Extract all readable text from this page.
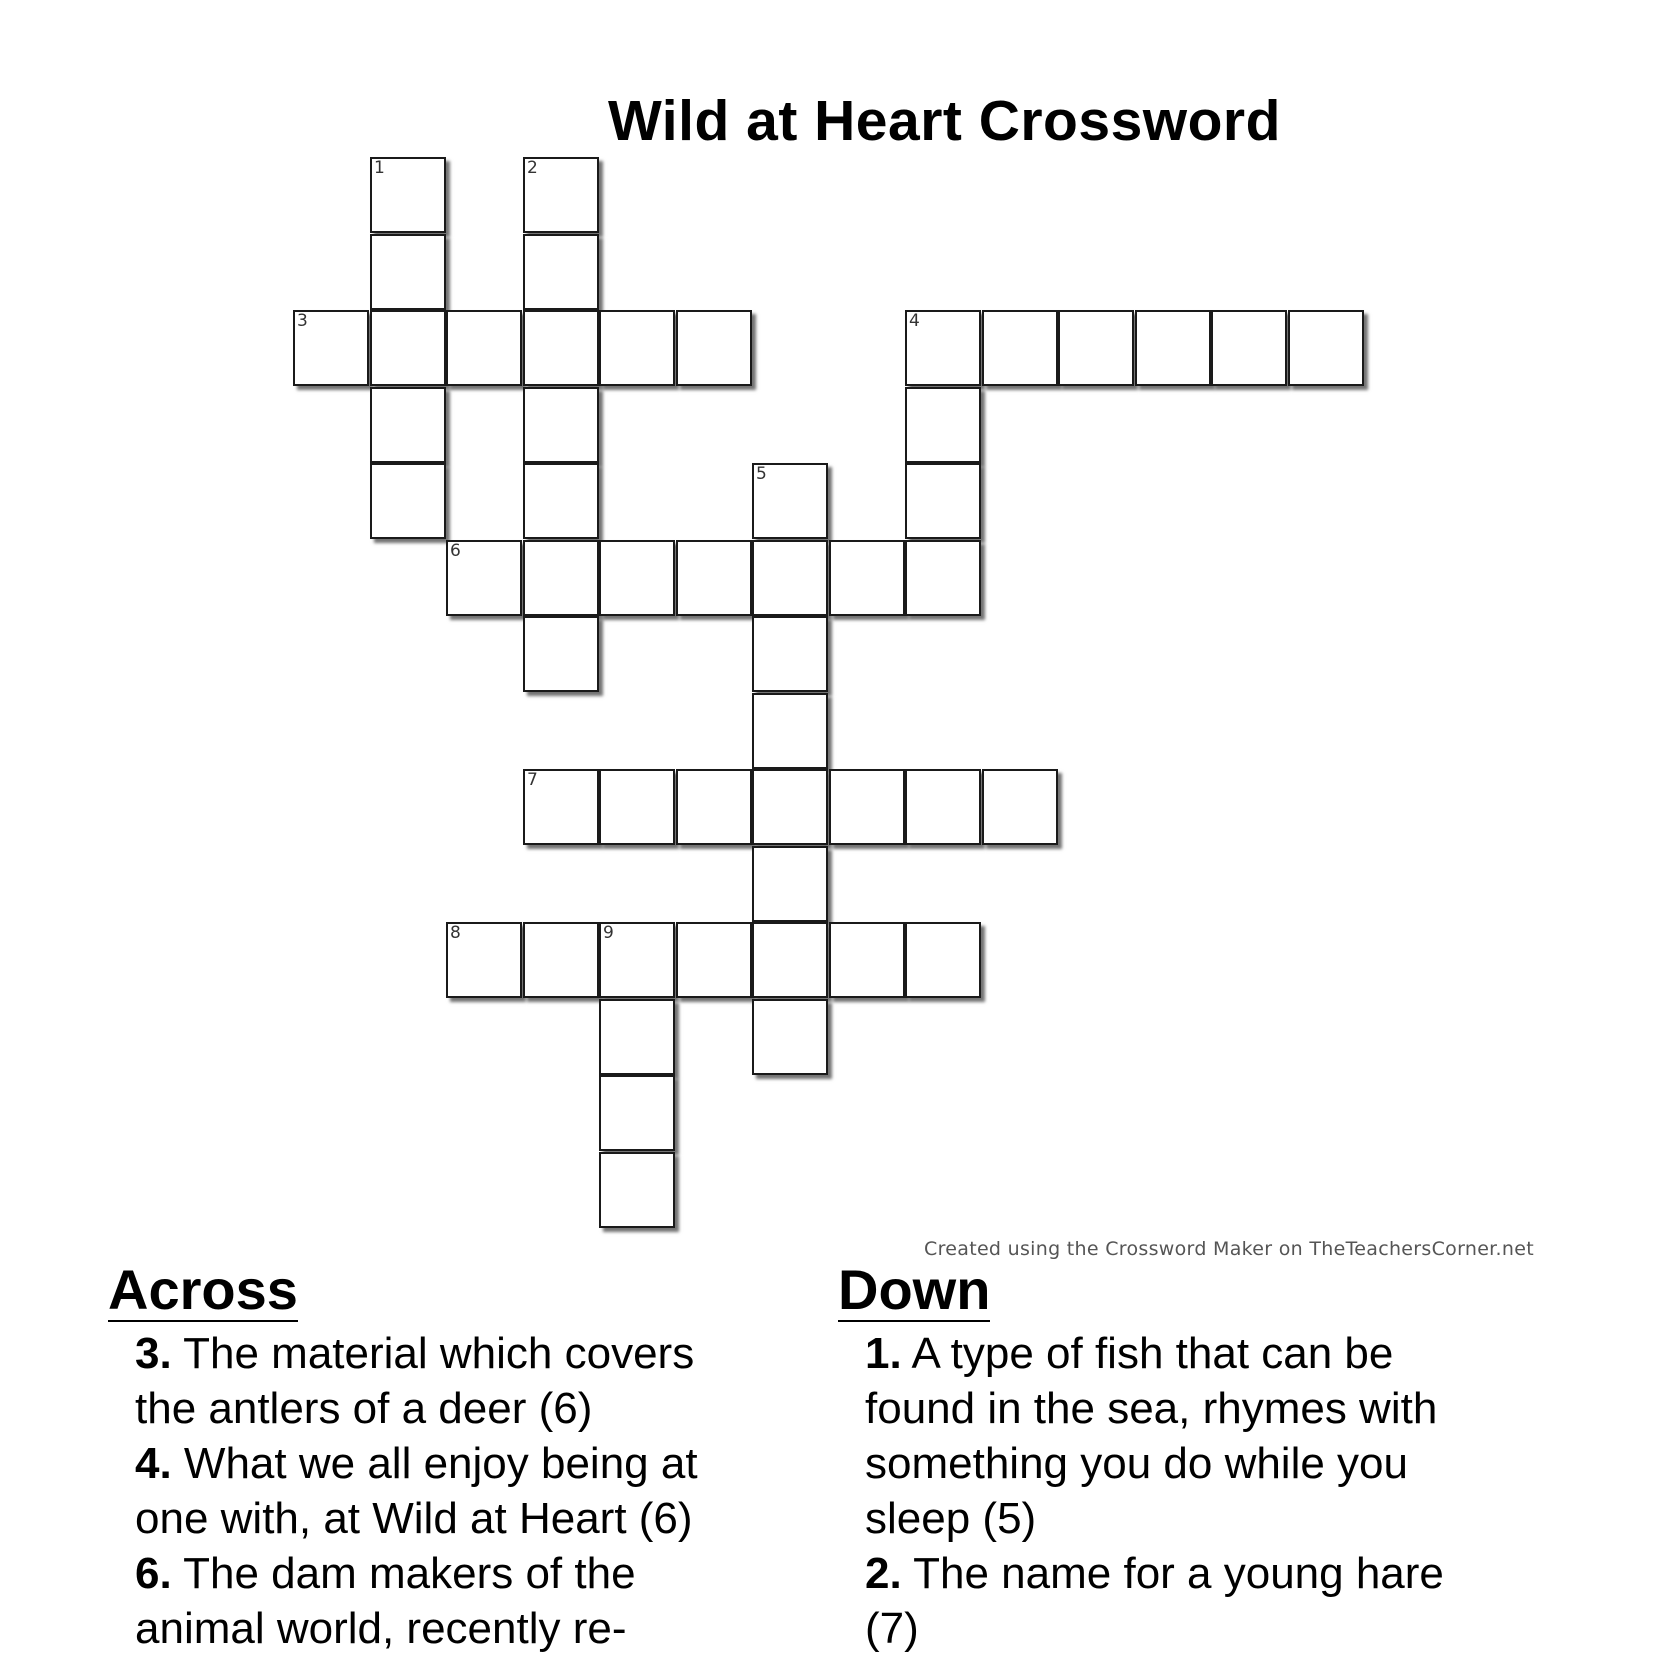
Wild at Heart Crossword
1	2
3	4
5
6
7
8	9
Created using the Crossword Maker on TheTeachersCorner.net
Across
3. The material which covers the antlers of a deer (6)
4. What we all enjoy being at one with, at Wild at Heart (6)
6. The dam makers of the animal world, recently re-
Down
1. A type of fish that can be found in the sea, rhymes with something you do while you sleep (5)
2. The name for a young hare (7)
